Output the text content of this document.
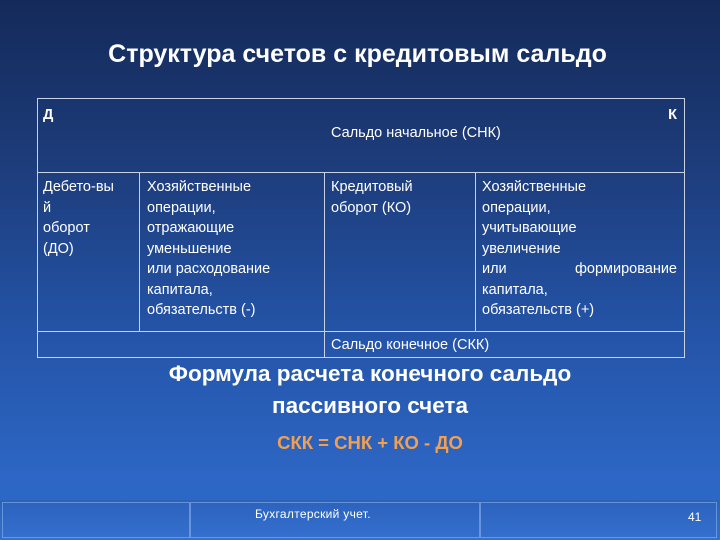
Структура счетов с кредитовым сальдо
Д	К
Сальдо начальное (СНК)
Дебето-вы
й
оборот
(ДО)
Хозяйственные
операции,
отражающие
уменьшение
или расходование
капитала,
обязательств (-)
Кредитовый
оборот (КО)
Хозяйственные
операции,
учитывающие
увеличение
или формирование
капитала,
обязательств (+)
Сальдо конечное (СКК)
Формула расчета конечного сальдо
пассивного счета
СКК = СНК + КО - ДО
Бухгалтерский учет.	41
